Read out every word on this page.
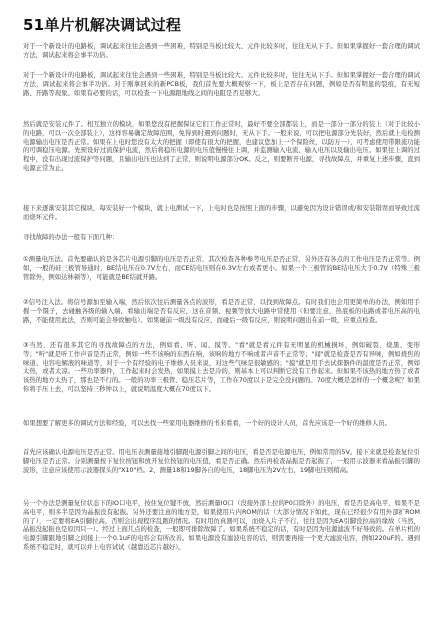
51单片机解决调试过程
对于一个新设计的电路板，调试起来往往会遇到一些困难，特别是当板比较大、元件比较多时，往往无从下手。但如果掌握好一套合理的调试方法，调试起来将会事半功倍。
对于一个新设计的电路板，调试起来往往会遇到一些困难，特别是当板比较大、元件比较多时，往往无从下手。但如果掌握好一套合理的调试方法，调试起来将会事半功倍。对于刚拿回来的新PCB板，我们首先要大概观察一下，板上是否存在问题，例如是否有明显的裂痕，有无短路、开路等现象。如果有必要的话，可以检查一下电源跟地线之间的电阻是否足够大。
然后就是安装元件了。相互独立的模块，如果您没有把握保证它们工作正常时，最好不要全部都装上，而是一部分一部分的装上（对于比较小的电路，可以一次全部装上），这样容易确定故障范围，免得到时遇到问题时，无从下手。一般来说，可以把电源部分先装好，然后就上电检测电源输出电压是否正常。如果在上电时您没有太大的把握（即使有很大的把握，也建议您加上一个保险丝，以防万一），可考虑使用带限流功能的可调稳压电源。先预设好过流保护电流，然后将稳压电源的电压值慢慢往上调，并监测输入电流、输入电压以及输出电压。如果往上调的过程中，没有出现过流保护等问题，且输出电压也达到了正常，则说明电源部分OK。反之，则要断开电源，寻找故障点，并重复上述步骤，直到电源正常为止。
接下来逐渐安装其它模块，每安装好一个模块，就上电测试一下，上电时也是按照上面的步骤，以避免因为设计错误或/和安装错误而导致过流而烧坏元件。
寻找故障的办法一般有下面几种：
①测量电压法。首先要确认的是各芯片电源引脚的电压是否正常，其次检查各种参考电压是否正常，另外还有各点的工作电压是否正常等。例如，一般的硅三极管导通时，BE结电压在0.7V左右，而CE结电压则在0.3V左右或者更小。如果一个三极管的BE结电压大于0.7V（特殊三极管除外，例如达林顿等），可能就是BE结就开路。
②信号注入法。将信号源加至输入端，然后依次往后测量各点的波形，看是否正常，以找到故障点。有时我们也会用更简单的办法，例如用手握一个镊子，去碰触各级的输入端，看输出端是否有反应，这在音频、视频等放大电路中常使用（但要注意，热底板的电路或者电压高的电路，不能使用此法，否则可能会导致触电）。如果碰前一级没有反应，而碰后一级有反应，则说明问题出在前一级，应重点检查。
③当然，还有很多其它的寻找故障点的方法，例如看、听、闻、摸等。"看"就是看元件有无明显的机械损坏，例如破裂、烧黑、变形等；"听"就是听工作声音是否正常，例如一些不该响的东西在响，该响的地方不响或者声音不正常等；"闻"就是检查是否有异味，例如烧焦的味道、电容电解液的味道等，对于一个有经验的电子维修人员来说，对这些气味是很敏感的；"摸"就是用手去试探器件的温度是否正常，例如太热，或者太凉。一些功率器件，工作起来时会发热，如果摸上去是冷的，则基本上可以判断它没有工作起来。但如果不该热的地方热了或者该热的地方太热了，那也是不行的。一般的功率三极管、稳压芯片等，工作在70度以下是完全没问题的。70度大概是怎样的一个概念呢？如果你将手压上去，可以坚持三秒钟以上，就说明温度大概在70度以下。
如果想要了解更多的调试方法和经验，可以去找一些家用电器维修的书来看看，一个好的设计人员，首先应该是一个好的维修人员。
首先应该确认电源电压是否正常。用电压表测量接地引脚跟电源引脚之间的电压，看是否是电源电压，例如常用的5V。接下来就是检查复位引脚电压是否正常。分别测量按下复位按钮和放开复位按钮的电压值，看是否正确。然后再检查晶振是否起振了，一般用示波器来看晶振引脚的波形，注意应该使用示波器探头的"X10"档。2、测量18和19脚各自的电压，18脚电压为2V左右，19脚电压则稍高。
另一个办法是测量复位状态下的IO口电平，按住复位键不放，然后测量IO口（没接外部上拉的P0口除外）的电压，看是否是高电平，如果不是高电平，则多半是因为晶振没有起振。另外还要注意的地方是，如果使用片内ROM的话（大部分情况下如此，现在已经很少有用外部扩ROM的了），一定要将EA引脚拉高，否则会出现程序乱跑的情况。有时用仿真器可以，而烧入片子不行，往往是因为EA引脚没拉高的缘故（当然，晶振没起振也是原因只一）。经过上面几点的检查，一般即可排除故障了。如果系统不稳定的话，有时是因为电源滤波不好导致的。在单片机的电源引脚跟地引脚之间接上一个0.1uF的电容会有所改善。如果电源没有滤波电容的话，则需要再接一个更大滤波电容，例如220uF的。遇到系统不稳定时，就可以并上电容试试（越靠近芯片越好）。
